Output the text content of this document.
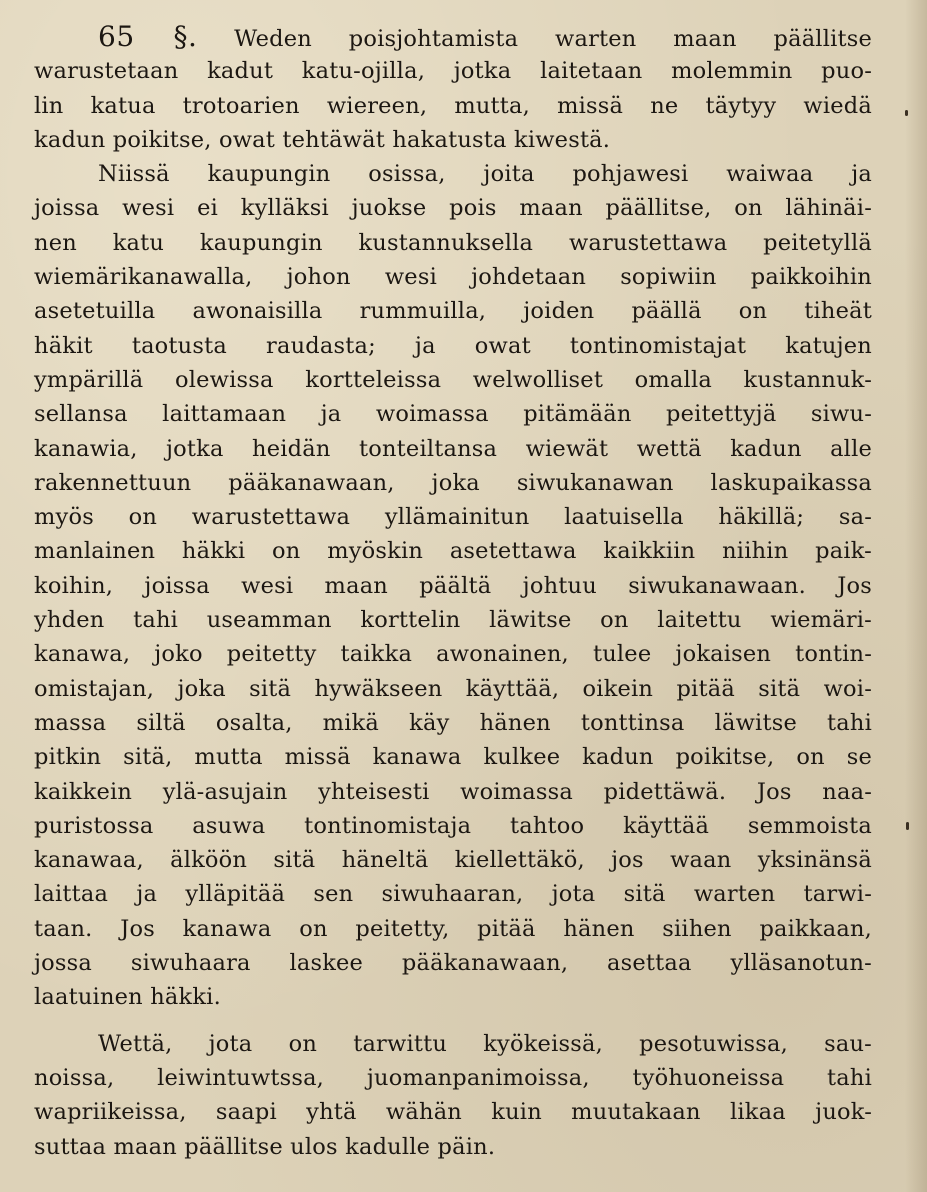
65 §. Weden poisjohtamista warten maan päällitse
warustetaan kadut katu-ojilla, jotka laitetaan molemmin puo-
lin katua trotoarien wiereen, mutta, missä ne täytyy wiedä
kadun poikitse, owat tehtäwät hakatusta kiwestä.
Niissä kaupungin osissa, joita pohjawesi waiwaa ja
joissa wesi ei kylläksi juokse pois maan päällitse, on lähinäi-
nen katu kaupungin kustannuksella warustettawa peitetyllä
wiemärikanawalla, johon wesi johdetaan sopiwiin paikkoihin
asetetuilla awonaisilla rummuilla, joiden päällä on tiheät
häkit taotusta raudasta; ja owat tontinomistajat katujen
ympärillä olewissa kortteleissa welwolliset omalla kustannuk-
sellansa laittamaan ja woimassa pitämään peitettyjä siwu-
kanawia, jotka heidän tonteiltansa wiewät wettä kadun alle
rakennettuun pääkanawaan, joka siwukanawan laskupaikassa
myös on warustettawa yllämainitun laatuisella häkillä; sa-
manlainen häkki on myöskin asetettawa kaikkiin niihin paik-
koihin, joissa wesi maan päältä johtuu siwukanawaan. Jos
yhden tahi useamman korttelin läwitse on laitettu wiemäri-
kanawa, joko peitetty taikka awonainen, tulee jokaisen tontin-
omistajan, joka sitä hywäkseen käyttää, oikein pitää sitä woi-
massa siltä osalta, mikä käy hänen tonttinsa läwitse tahi
pitkin sitä, mutta missä kanawa kulkee kadun poikitse, on se
kaikkein ylä-asujain yhteisesti woimassa pidettäwä. Jos naa-
puristossa asuwa tontinomistaja tahtoo käyttää semmoista
kanawaa, älköön sitä häneltä kiellettäkö, jos waan yksinänsä
laittaa ja ylläpitää sen siwuhaaran, jota sitä warten tarwi-
taan. Jos kanawa on peitetty, pitää hänen siihen paikkaan,
jossa siwuhaara laskee pääkanawaan, asettaa ylläsanotun-
laatuinen häkki.
Wettä, jota on tarwittu kyökeissä, pesotuwissa, sau-
noissa, leiwintuwtssa, juomanpanimoissa, työhuoneissa tahi
wapriikeissa, saapi yhtä wähän kuin muutakaan likaa juok-
suttaa maan päällitse ulos kadulle päin.
